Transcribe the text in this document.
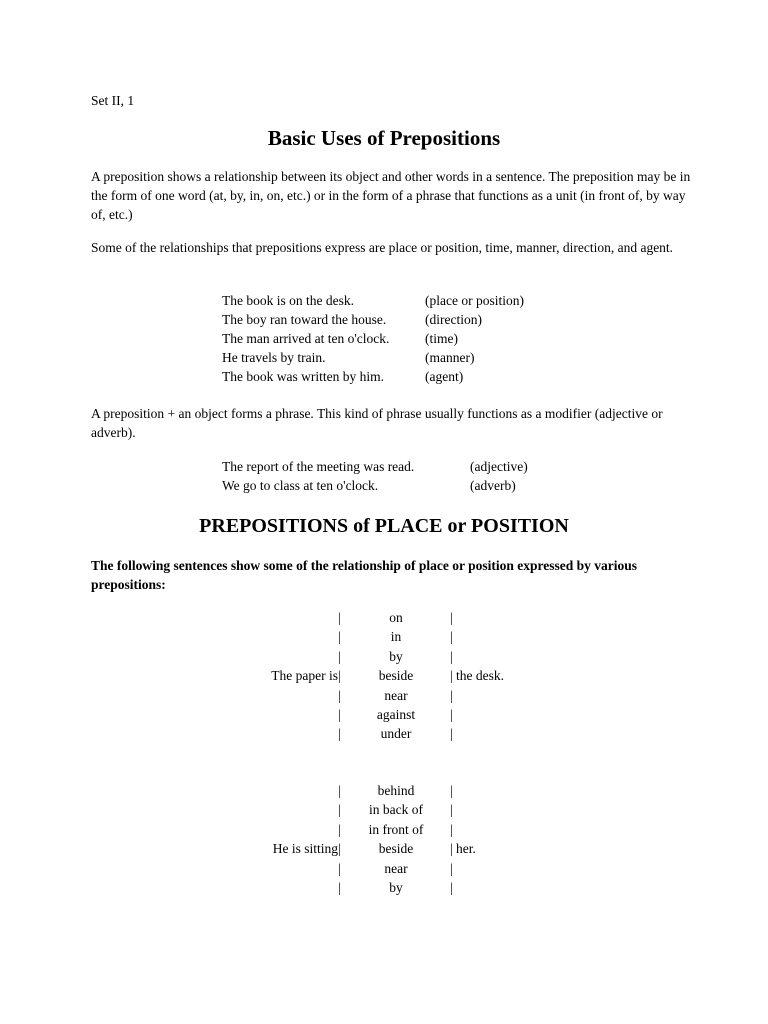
Set II, 1
Basic Uses of Prepositions

A preposition shows a relationship between its object and other words in a sentence. The preposition may be in the form of one word (at, by, in, on, etc.) or in the form of a phrase that functions as a unit (in front of, by way of, etc.)

Some of the relationships that prepositions express are place or position, time, manner, direction, and agent.

The book is on the desk.	(place or position)
The boy ran toward the house.	(direction)
The man arrived at ten o'clock.	(time)
He travels by train.	(manner)
The book was written by him.	(agent)

A preposition + an object forms a phrase. This kind of phrase usually functions as a modifier (adjective or adverb).

The report of the meeting was read.	(adjective)
We go to class at ten o'clock.	(adverb)
PREPOSITIONS of PLACE or POSITION

The following sentences show some of the relationship of place or position expressed by various prepositions:

	|	on	|	
	|	in	|	
	|	by	|	
The paper is	|	beside	|	the desk.
	|	near	|	
	|	against	|	
	|	under	|	
	|	behind	|	
	|	in back of	|	
	|	in front of	|	
He is sitting	|	beside	|	her.
	|	near	|	
	|	by	|	
